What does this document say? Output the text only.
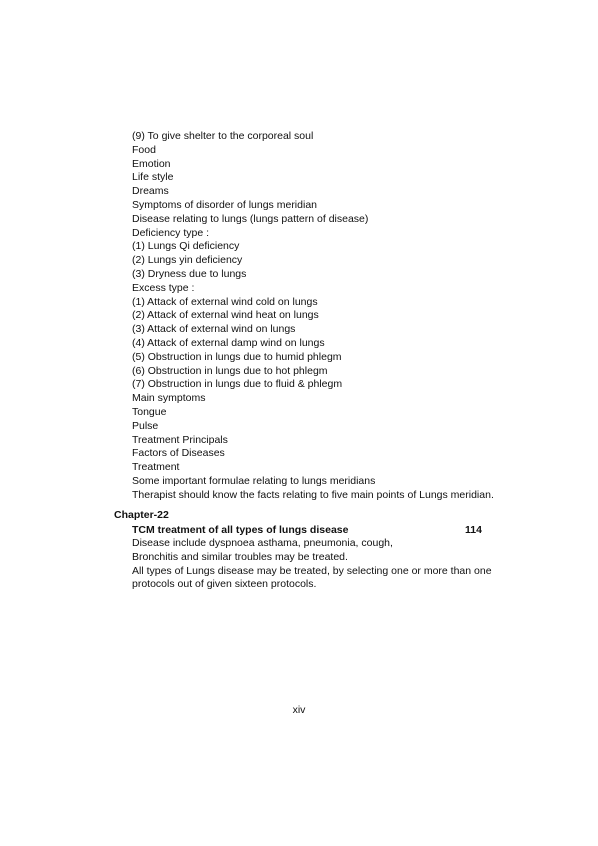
(9) To give shelter to the corporeal soul
Food
Emotion
Life style
Dreams
Symptoms of disorder of lungs meridian
Disease relating to lungs (lungs pattern of disease)
Deficiency type :
(1) Lungs Qi deficiency
(2) Lungs yin deficiency
(3) Dryness due to lungs
Excess type :
(1) Attack of external wind cold on lungs
(2) Attack of external wind heat on lungs
(3) Attack of external wind on lungs
(4) Attack of external damp wind on lungs
(5) Obstruction in lungs due to humid phlegm
(6) Obstruction in lungs due to hot phlegm
(7) Obstruction in lungs due to fluid & phlegm
Main symptoms
Tongue
Pulse
Treatment Principals
Factors of Diseases
Treatment
Some important formulae relating to lungs meridians
Therapist should know the facts relating to five main points of Lungs meridian.
Chapter-22
TCM treatment of all types of lungs disease	114
Disease include dyspnoea asthama, pneumonia, cough,
Bronchitis and similar troubles may be treated.
All types of Lungs disease may be treated, by selecting one or more than one
protocols out of given sixteen protocols.
xiv
